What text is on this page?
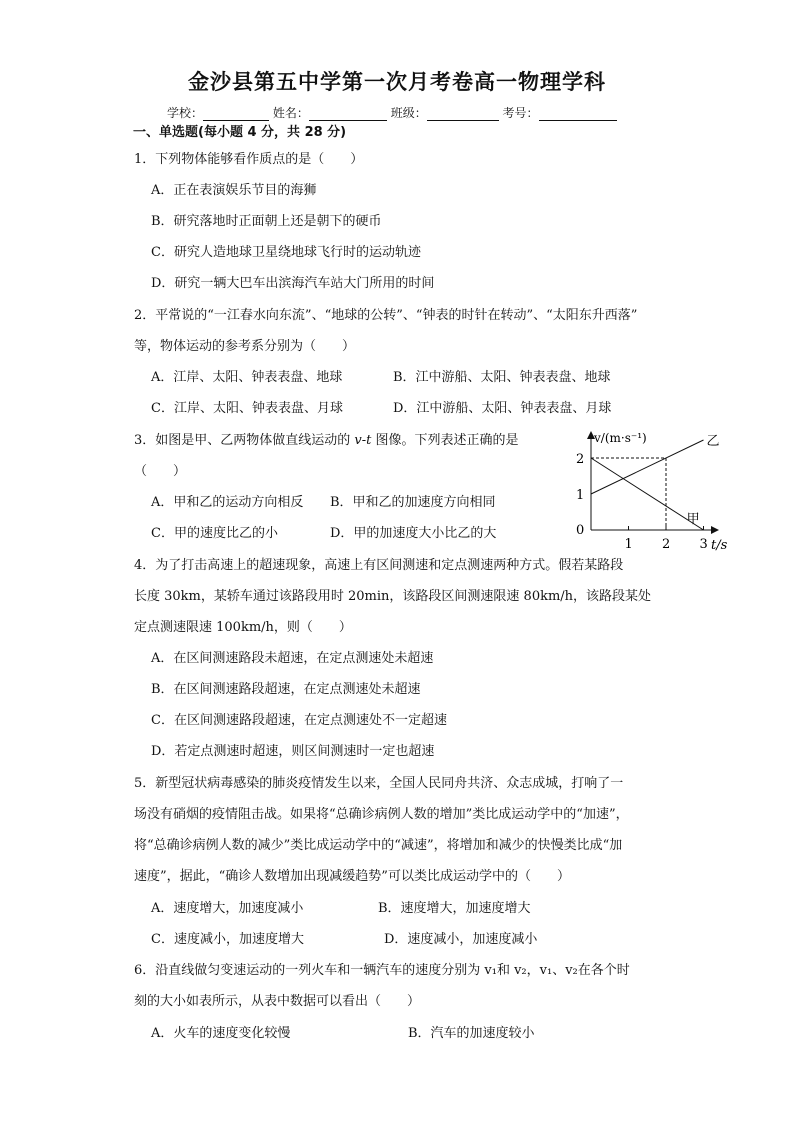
金沙县第五中学第一次月考卷高一物理学科
学校：	姓名：	班级：	考号：
一、单选题(每小题 4 分，共 28 分)
1．下列物体能够看作质点的是（　　）
A．正在表演娱乐节目的海狮
B．研究落地时正面朝上还是朝下的硬币
C．研究人造地球卫星绕地球飞行时的运动轨迹
D．研究一辆大巴车出滨海汽车站大门所用的时间
2．平常说的“一江春水向东流”、“地球的公转”、“钟表的时针在转动”、“太阳东升西落”
等，物体运动的参考系分别为（　　）
A．江岸、太阳、钟表表盘、地球	B．江中游船、太阳、钟表表盘、地球
C．江岸、太阳、钟表表盘、月球	D．江中游船、太阳、钟表表盘、月球
3．如图是甲、乙两物体做直线运动的 v-t 图像。下列表述正确的是
（　　）
A．甲和乙的运动方向相反 B．甲和乙的加速度方向相同
C．甲的速度比乙的小	D．甲的加速度大小比乙的大
t/s
v/(m·s⁻¹)
0
1 2 3
1
2
甲
乙
4．为了打击高速上的超速现象，高速上有区间测速和定点测速两种方式。假若某路段
长度 30km，某轿车通过该路段用时 20min，该路段区间测速限速 80km/h，该路段某处
定点测速限速 100km/h，则（　　）
A．在区间测速路段未超速，在定点测速处未超速
B．在区间测速路段超速，在定点测速处未超速
C．在区间测速路段超速，在定点测速处不一定超速
D．若定点测速时超速，则区间测速时一定也超速
5．新型冠状病毒感染的肺炎疫情发生以来，全国人民同舟共济、众志成城，打响了一
场没有硝烟的疫情阻击战。如果将“总确诊病例人数的增加”类比成运动学中的“加速”，
将“总确诊病例人数的减少”类比成运动学中的“减速”，将增加和减少的快慢类比成“加
速度”，据此，“确诊人数增加出现减缓趋势”可以类比成运动学中的（　　）
A．速度增大，加速度减小	B．速度增大，加速度增大
C．速度减小，加速度增大	D．速度减小，加速度减小
6．沿直线做匀变速运动的一列火车和一辆汽车的速度分别为 v₁和 v₂，v₁、v₂在各个时
刻的大小如表所示，从表中数据可以看出（　　）
A．火车的速度变化较慢	B．汽车的加速度较小
